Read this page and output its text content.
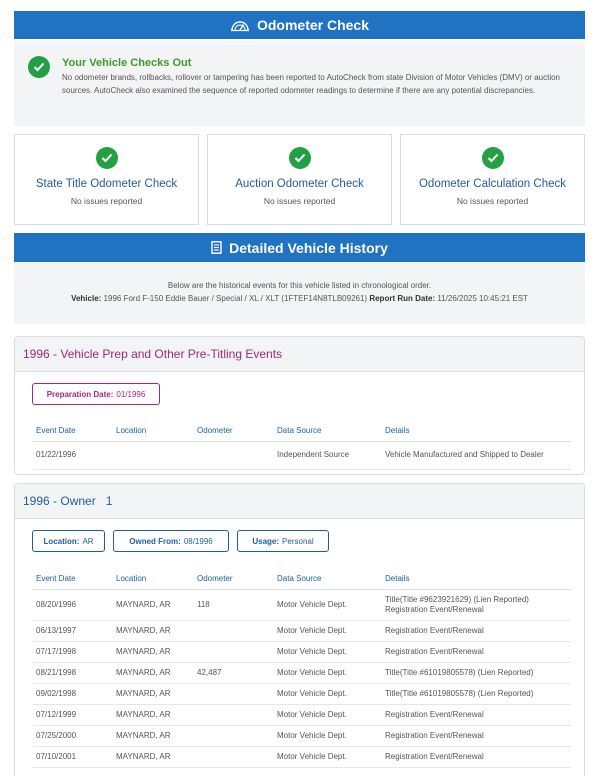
Odometer Check
Your Vehicle Checks Out
No odometer brands, rollbacks, rollover or tampering has been reported to AutoCheck from state Division of Motor Vehicles (DMV) or auction sources. AutoCheck also examined the sequence of reported odometer readings to determine if there are any potential discrepancies.
State Title Odometer Check
No issues reported
Auction Odometer Check
No issues reported
Odometer Calculation Check
No issues reported
Detailed Vehicle History
Below are the historical events for this vehicle listed in chronological order.
Vehicle: 1996 Ford F-150 Eddie Bauer / Special / XL / XLT (1FTEF14N8TLB09261) Report Run Date: 11/26/2025 10:45:21 EST
1996 - Vehicle Prep and Other Pre-Titling Events
Preparation Date: 01/1996
Event Date	Location	Odometer	Data Source	Details
01/22/1996			Independent Source	Vehicle Manufactured and Shipped to Dealer
1996 - Owner   1
Location: AR	Owned From: 08/1996	Usage: Personal
Event Date	Location	Odometer	Data Source	Details
08/20/1996	MAYNARD, AR	118	Motor Vehicle Dept.	Title(Title #9623921629) (Lien Reported)
Registration Event/Renewal

06/13/1997	MAYNARD, AR		Motor Vehicle Dept.	Registration Event/Renewal
07/17/1998	MAYNARD, AR		Motor Vehicle Dept.	Registration Event/Renewal
08/21/1998	MAYNARD, AR	42,487	Motor Vehicle Dept.	Title(Title #61019805578) (Lien Reported)
09/02/1998	MAYNARD, AR		Motor Vehicle Dept.	Title(Title #61019805578) (Lien Reported)
07/12/1999	MAYNARD, AR		Motor Vehicle Dept.	Registration Event/Renewal
07/25/2000	MAYNARD, AR		Motor Vehicle Dept.	Registration Event/Renewal
07/10/2001	MAYNARD, AR		Motor Vehicle Dept.	Registration Event/Renewal
